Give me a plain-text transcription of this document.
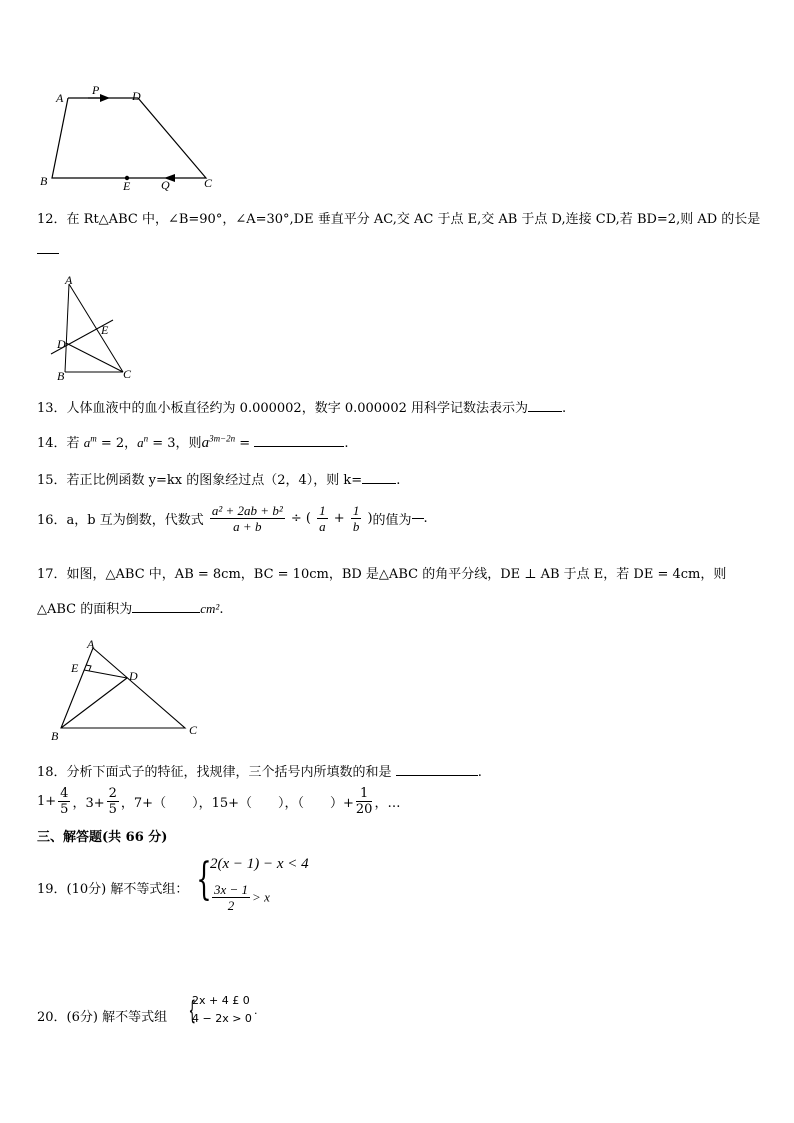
A
P	D
B	E	Q	C
12．在 Rt△ABC 中，∠B=90°，∠A=30°,DE 垂直平分 AC,交 AC 于点 E,交 AB 于点 D,连接 CD,若 BD=2,则 AD 的长是
A
D
E
B	C
13．人体血液中的血小板直径约为 0.000002，数字 0.000002 用科学记数法表示为	.
14．若 $a^m = 2$，$a^n = 3$，则$a^{3m-2n}$ =	.
15．若正比例函数 y=kx 的图象经过点（2，4），则 k=	.
16．a，b 互为倒数，代数式 $\frac{\text{a² + 2ab + b²}}{a + b}$ ÷ ( $\frac{1}{a} + \frac{1}{b}$ )的值为 .
17．如图，△ABC 中，AB = 8cm，BC = 10cm，BD 是△ABC 的角平分线，DE ⊥ AB 于点 E，若 DE = 4cm，则
△ABC 的面积为	cm².
A
E
D
B	C
18．分析下面式子的特征，找规律，三个括号内所填数的和是	.
$1+ \frac{4}{5}$ ，$3+ \frac{2}{5}$ ，7+（　　），15+（　　），（　　）+ $\frac{1}{20}$ ，…
三、解答题(共 66 分)
19．(10分) 解不等式组： {
2(x − 1) − x < 4
$\frac{3x - 1}{2} > x$
20．(6分) 解不等式组 {
2x + 4 £ 0
4 − 2x > 0
.
